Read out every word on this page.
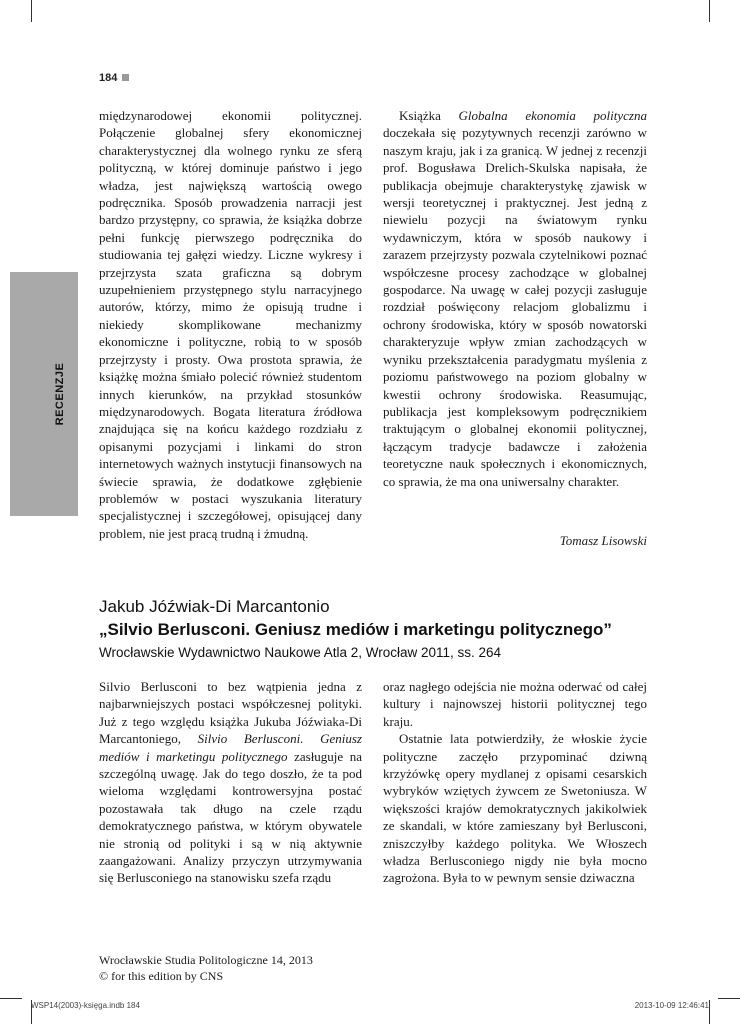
184
RECENZJE

międzynarodowej ekonomii politycznej. Połączenie globalnej sfery ekonomicznej charakterystycznej dla wolnego rynku ze sferą polityczną, w której dominuje państwo i jego władza, jest największą wartością owego podręcznika. Sposób prowadzenia narracji jest bardzo przystępny, co sprawia, że książka dobrze pełni funkcję pierwszego podręcznika do studiowania tej gałęzi wiedzy. Liczne wykresy i przejrzysta szata graficzna są dobrym uzupełnieniem przystępnego stylu narracyjnego autorów, którzy, mimo że opisują trudne i niekiedy skomplikowane mechanizmy ekonomiczne i polityczne, robią to w sposób przejrzysty i prosty. Owa prostota sprawia, że książkę można śmiało polecić również studentom innych kierunków, na przykład stosunków międzynarodowych. Bogata literatura źródłowa znajdująca się na końcu każdego rozdziału z opisanymi pozycjami i linkami do stron internetowych ważnych instytucji finansowych na świecie sprawia, że dodatkowe zgłębienie problemów w postaci wyszukania literatury specjalistycznej i szczegółowej, opisującej dany problem, nie jest pracą trudną i żmudną.

Książka Globalna ekonomia polityczna doczekała się pozytywnych recenzji zarówno w naszym kraju, jak i za granicą. W jednej z recenzji prof. Bogusława Drelich-Skulska napisała, że publikacja obejmuje charakterystykę zjawisk w wersji teoretycznej i praktycznej. Jest jedną z niewielu pozycji na światowym rynku wydawniczym, która w sposób naukowy i zarazem przejrzysty pozwala czytelnikowi poznać współczesne procesy zachodzące w globalnej gospodarce. Na uwagę w całej pozycji zasługuje rozdział poświęcony relacjom globalizmu i ochrony środowiska, który w sposób nowatorski charakteryzuje wpływ zmian zachodzących w wyniku przekształcenia paradygmatu myślenia z poziomu państwowego na poziom globalny w kwestii ochrony środowiska. Reasumując, publikacja jest kompleksowym podręcznikiem traktującym o globalnej ekonomii politycznej, łączącym tradycje badawcze i założenia teoretyczne nauk społecznych i ekonomicznych, co sprawia, że ma ona uniwersalny charakter.

Tomasz Lisowski
Jakub Jóźwiak-Di Marcantonio
„Silvio Berlusconi. Geniusz mediów i marketingu politycznego”
Wrocławskie Wydawnictwo Naukowe Atla 2, Wrocław 2011, ss. 264

Silvio Berlusconi to bez wątpienia jedna z najbarwniejszych postaci współczesnej polityki. Już z tego względu książka Jukuba Jóźwiaka-Di Marcantoniego, Silvio Berlusconi. Geniusz mediów i marketingu politycznego zasługuje na szczególną uwagę. Jak do tego doszło, że ta pod wieloma względami kontrowersyjna postać pozostawała tak długo na czele rządu demokratycznego państwa, w którym obywatele nie stronią od polityki i są w nią aktywnie zaangażowani. Analizy przyczyn utrzymywania się Berlusconiego na stanowisku szefa rządu

oraz nagłego odejścia nie można oderwać od całej kultury i najnowszej historii politycznej tego kraju.

Ostatnie lata potwierdziły, że włoskie życie polityczne zaczęło przypominać dziwną krzyżówkę opery mydlanej z opisami cesarskich wybryków wziętych żywcem ze Swetoniusza. W większości krajów demokratycznych jakikolwiek ze skandali, w które zamieszany był Berlusconi, zniszczyłby każdego polityka. We Włoszech władza Berlusconiego nigdy nie była mocno zagrożona. Była to w pewnym sensie dziwaczna

Wrocławskie Studia Politologiczne 14, 2013
© for this edition by CNS
WSP14(2003)-księga.indb 184	2013-10-09 12:46:41
